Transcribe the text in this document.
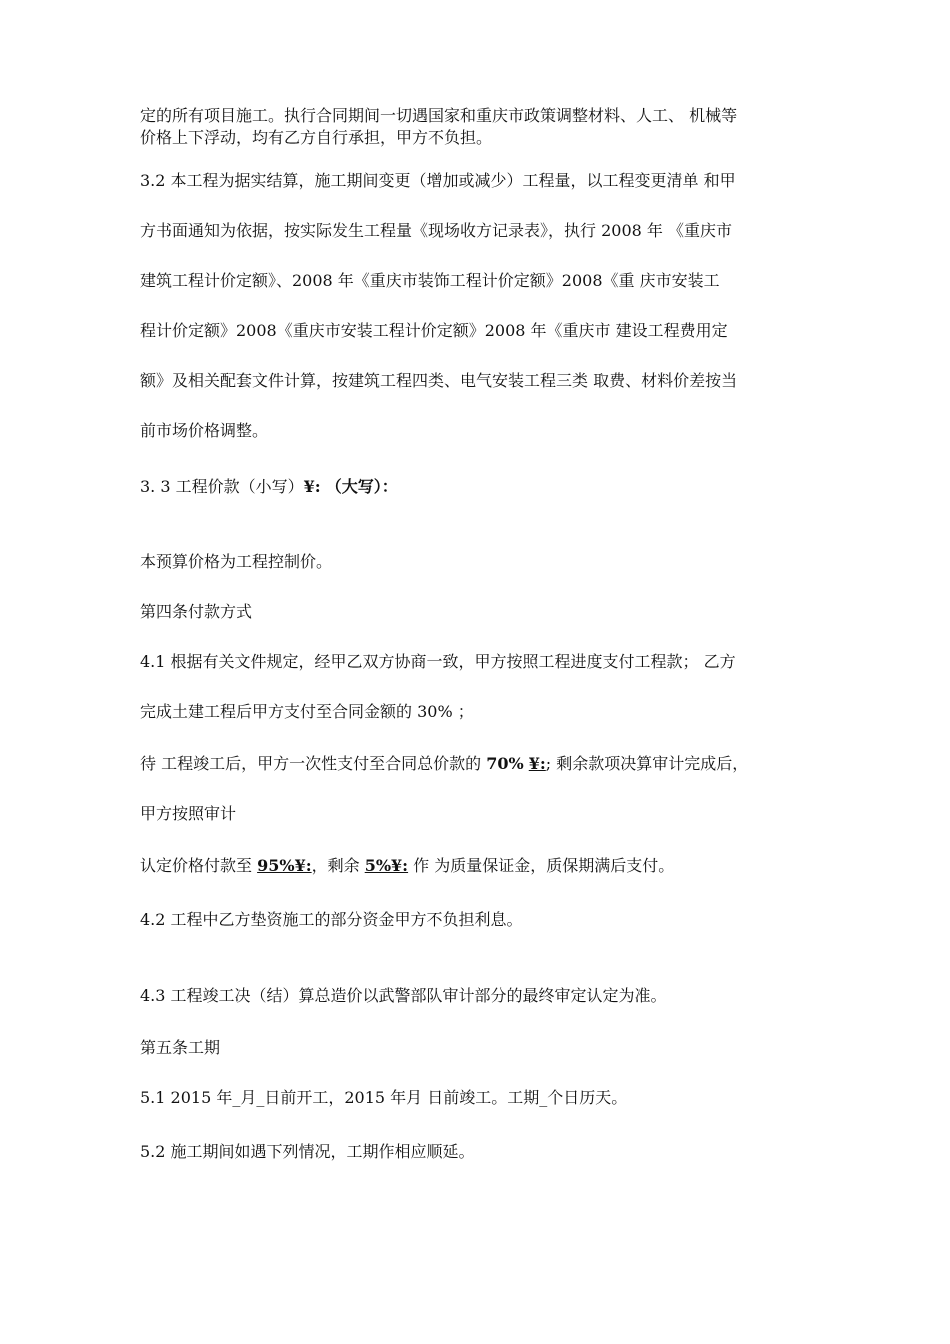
定的所有项目施工。执行合同期间一切遇国家和重庆市政策调整材料、人工、 机械等

价格上下浮动，均有乙方自行承担，甲方不负担。

3.2 本工程为据实结算，施工期间变更（增加或减少）工程量，以工程变更清单 和甲

方书面通知为依据，按实际发生工程量《现场收方记录表》，执行 2008 年 《重庆市

建筑工程计价定额》、2008 年《重庆市装饰工程计价定额》2008《重 庆市安装工

程计价定额》2008《重庆市安装工程计价定额》2008 年《重庆市 建设工程费用定

额》及相关配套文件计算，按建筑工程四类、电气安装工程三类 取费、材料价差按当

前市场价格调整。

3. 3 工程价款（小写）¥: （大写）：

本预算价格为工程控制价。

第四条付款方式

4.1 根据有关文件规定，经甲乙双方协商一致，甲方按照工程进度支付工程款； 乙方

完成土建工程后甲方支付至合同金额的 30% ；

待 工程竣工后，甲方一次性支付至合同总价款的 70% ¥:; 剩余款项决算审计完成后，

甲方按照审计

认定价格付款至 95%¥:，剩余 5%¥: 作 为质量保证金，质保期满后支付。

4.2 工程中乙方垫资施工的部分资金甲方不负担利息。

4.3 工程竣工决（结）算总造价以武警部队审计部分的最终审定认定为准。

第五条工期

5.1 2015 年_月_日前开工，2015 年月 日前竣工。工期_个日历天。

5.2 施工期间如遇下列情况，工期作相应顺延。
